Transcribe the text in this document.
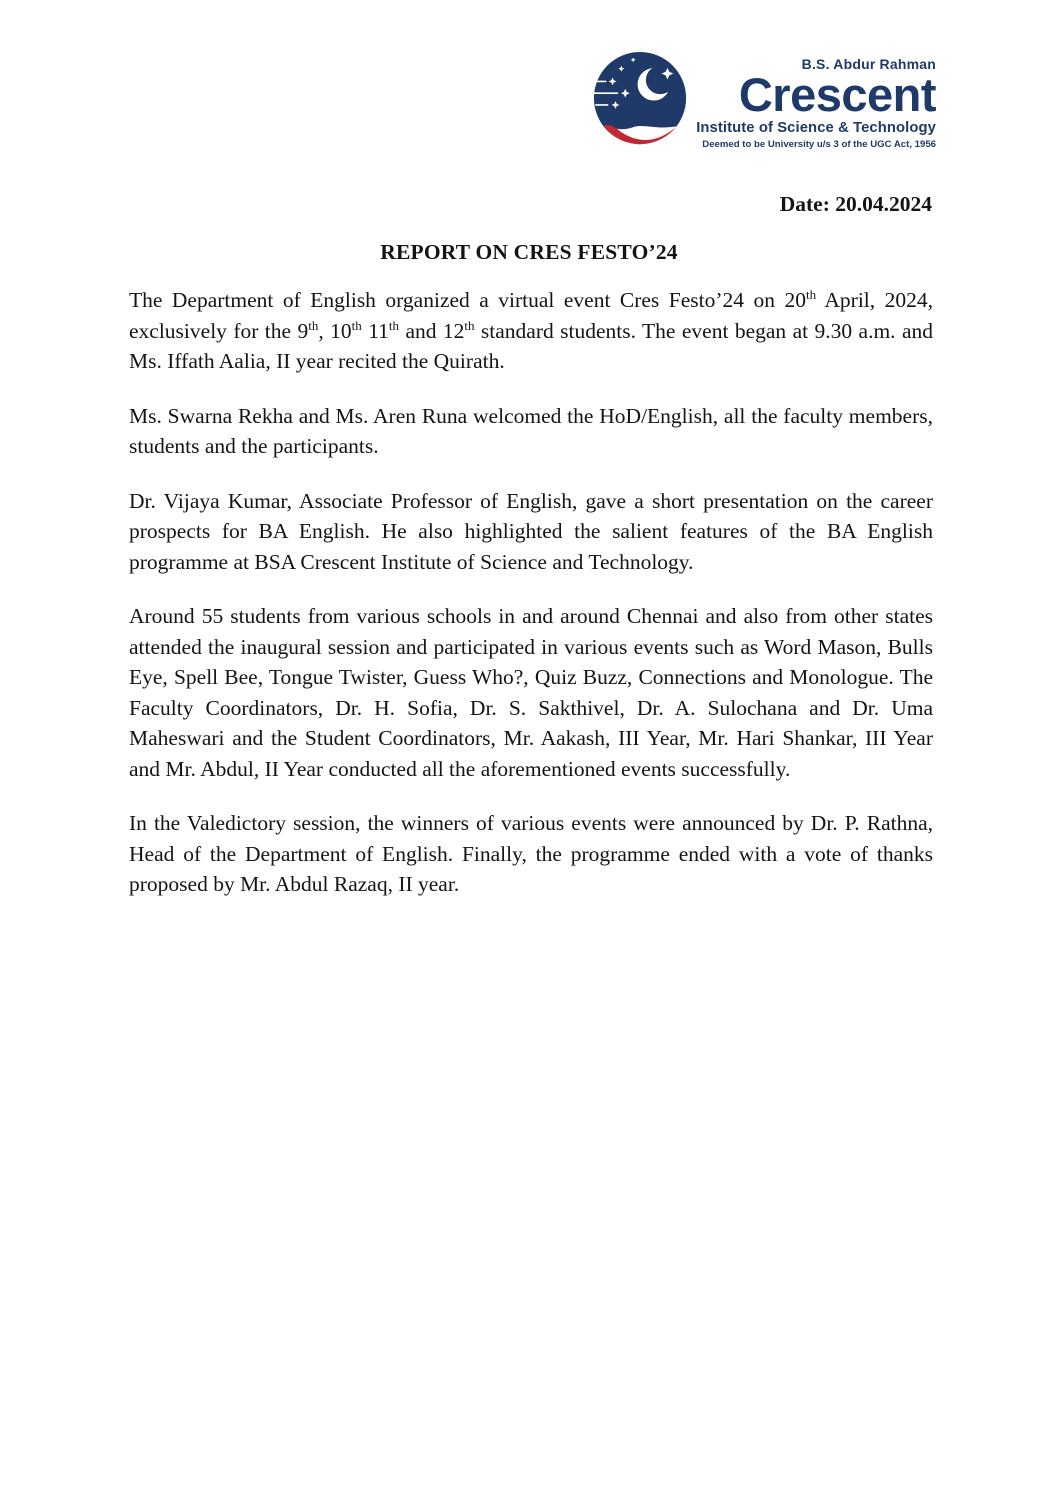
B.S. Abdur Rahman
Crescent
Institute of Science & Technology
Deemed to be University u/s 3 of the UGC Act, 1956
Date: 20.04.2024
REPORT ON CRES FESTO’24

The Department of English organized a virtual event Cres Festo’24 on 20th April, 2024, exclusively for the 9th, 10th 11th and 12th standard students. The event began at 9.30 a.m. and Ms. Iffath Aalia, II year recited the Quirath.

Ms. Swarna Rekha and Ms. Aren Runa welcomed the HoD/English, all the faculty members, students and the participants.

Dr. Vijaya Kumar, Associate Professor of English, gave a short presentation on the career prospects for BA English. He also highlighted the salient features of the BA English programme at BSA Crescent Institute of Science and Technology.

Around 55 students from various schools in and around Chennai and also from other states attended the inaugural session and participated in various events such as Word Mason, Bulls Eye, Spell Bee, Tongue Twister, Guess Who?, Quiz Buzz, Connections and Monologue. The Faculty Coordinators, Dr. H. Sofia, Dr. S. Sakthivel, Dr. A. Sulochana and Dr. Uma Maheswari and the Student Coordinators, Mr. Aakash, III Year, Mr. Hari Shankar, III Year and Mr. Abdul, II Year conducted all the aforementioned events successfully.

In the Valedictory session, the winners of various events were announced by Dr. P. Rathna, Head of the Department of English. Finally, the programme ended with a vote of thanks proposed by Mr. Abdul Razaq, II year.
